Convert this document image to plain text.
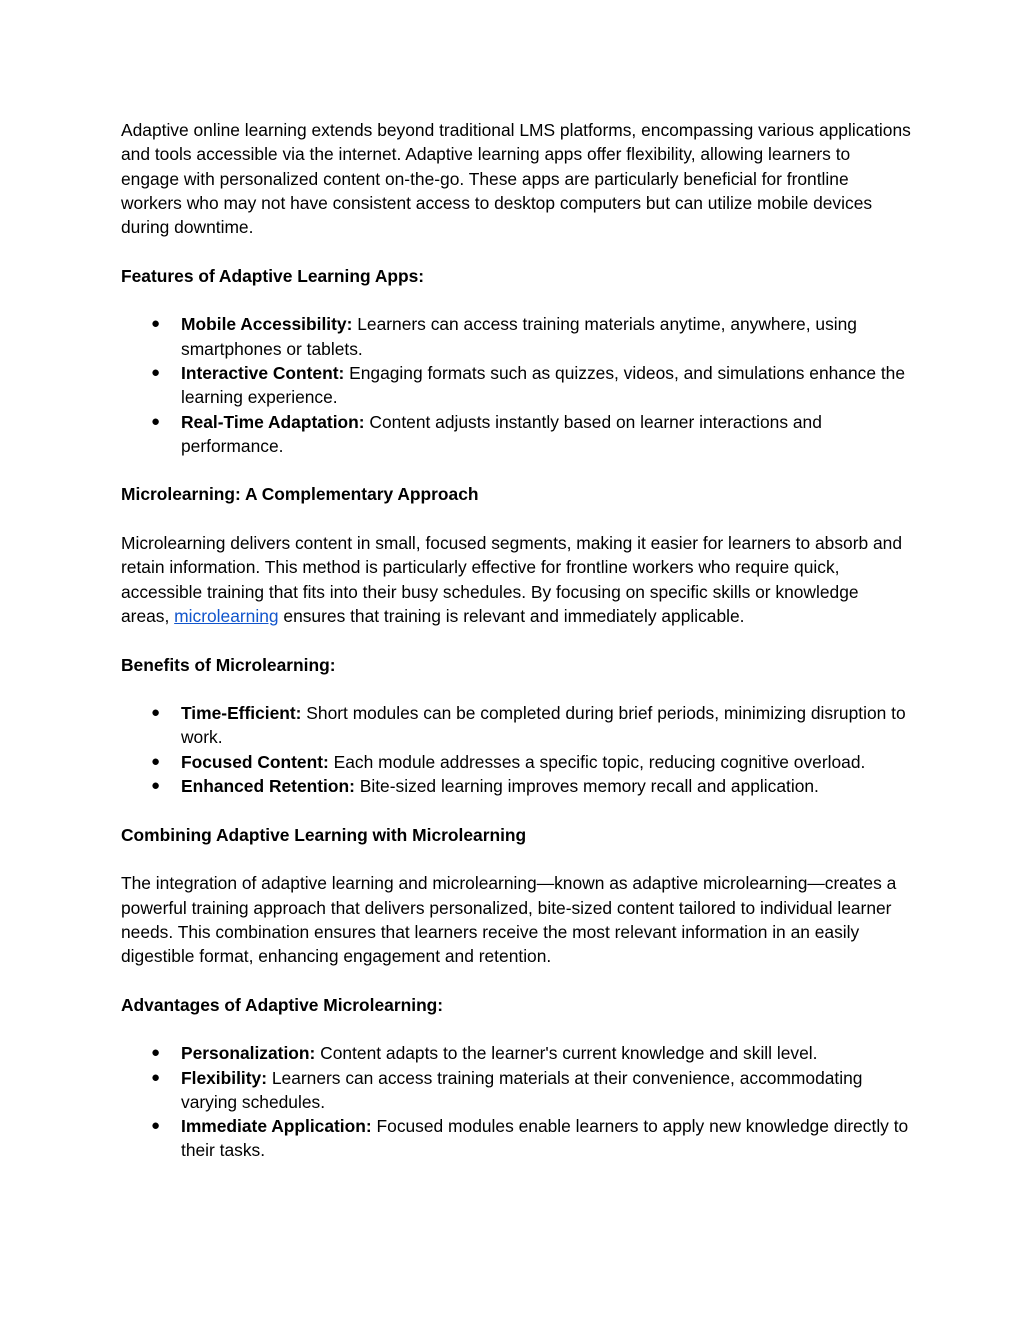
Adaptive online learning extends beyond traditional LMS platforms, encompassing various applications and tools accessible via the internet. Adaptive learning apps offer flexibility, allowing learners to engage with personalized content on-the-go. These apps are particularly beneficial for frontline workers who may not have consistent access to desktop computers but can utilize mobile devices during downtime.

Features of Adaptive Learning Apps:

● Mobile Accessibility: Learners can access training materials anytime, anywhere, using smartphones or tablets.
● Interactive Content: Engaging formats such as quizzes, videos, and simulations enhance the learning experience.
● Real-Time Adaptation: Content adjusts instantly based on learner interactions and performance.

Microlearning: A Complementary Approach

Microlearning delivers content in small, focused segments, making it easier for learners to absorb and retain information. This method is particularly effective for frontline workers who require quick, accessible training that fits into their busy schedules. By focusing on specific skills or knowledge areas, microlearning ensures that training is relevant and immediately applicable.

Benefits of Microlearning:

● Time-Efficient: Short modules can be completed during brief periods, minimizing disruption to work.
● Focused Content: Each module addresses a specific topic, reducing cognitive overload.
● Enhanced Retention: Bite-sized learning improves memory recall and application.

Combining Adaptive Learning with Microlearning

The integration of adaptive learning and microlearning—known as adaptive microlearning—creates a powerful training approach that delivers personalized, bite-sized content tailored to individual learner needs. This combination ensures that learners receive the most relevant information in an easily digestible format, enhancing engagement and retention.

Advantages of Adaptive Microlearning:

● Personalization: Content adapts to the learner's current knowledge and skill level.
● Flexibility: Learners can access training materials at their convenience, accommodating varying schedules.
● Immediate Application: Focused modules enable learners to apply new knowledge directly to their tasks.
